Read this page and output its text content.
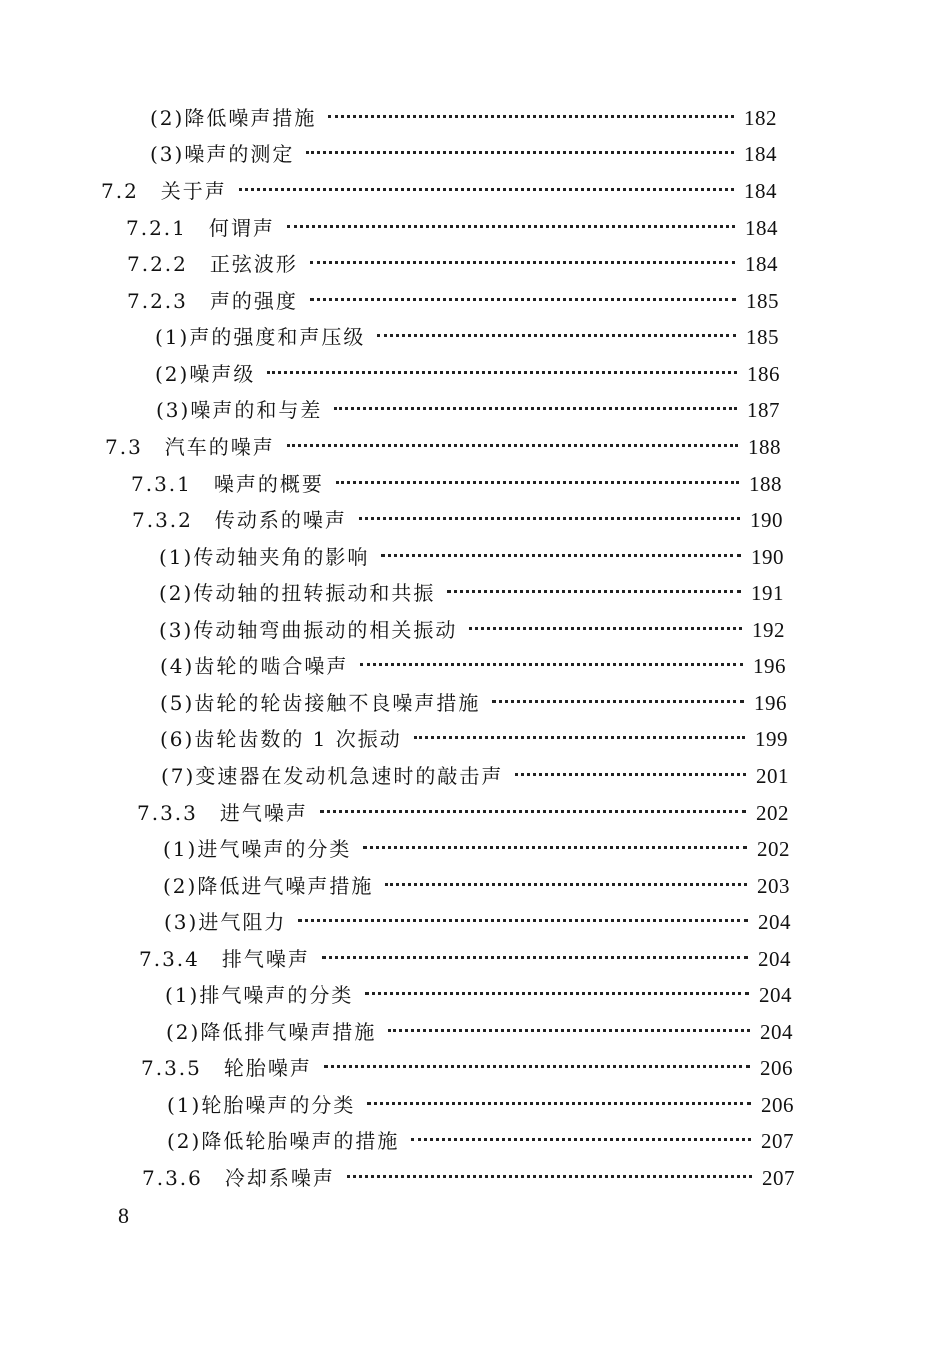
(2)降低噪声措施	182
(3)噪声的测定	184
7.2　关于声	184
7.2.1　何谓声	184
7.2.2　正弦波形	184
7.2.3　声的强度	185
(1)声的强度和声压级	185
(2)噪声级	186
(3)噪声的和与差	187
7.3　汽车的噪声	188
7.3.1　噪声的概要	188
7.3.2　传动系的噪声	190
(1)传动轴夹角的影响	190
(2)传动轴的扭转振动和共振	191
(3)传动轴弯曲振动的相关振动	192
(4)齿轮的啮合噪声	196
(5)齿轮的轮齿接触不良噪声措施	196
(6)齿轮齿数的 1 次振动	199
(7)变速器在发动机急速时的敲击声	201
7.3.3　进气噪声	202
(1)进气噪声的分类	202
(2)降低进气噪声措施	203
(3)进气阻力	204
7.3.4　排气噪声	204
(1)排气噪声的分类	204
(2)降低排气噪声措施	204
7.3.5　轮胎噪声	206
(1)轮胎噪声的分类	206
(2)降低轮胎噪声的措施	207
7.3.6　冷却系噪声	207
8
